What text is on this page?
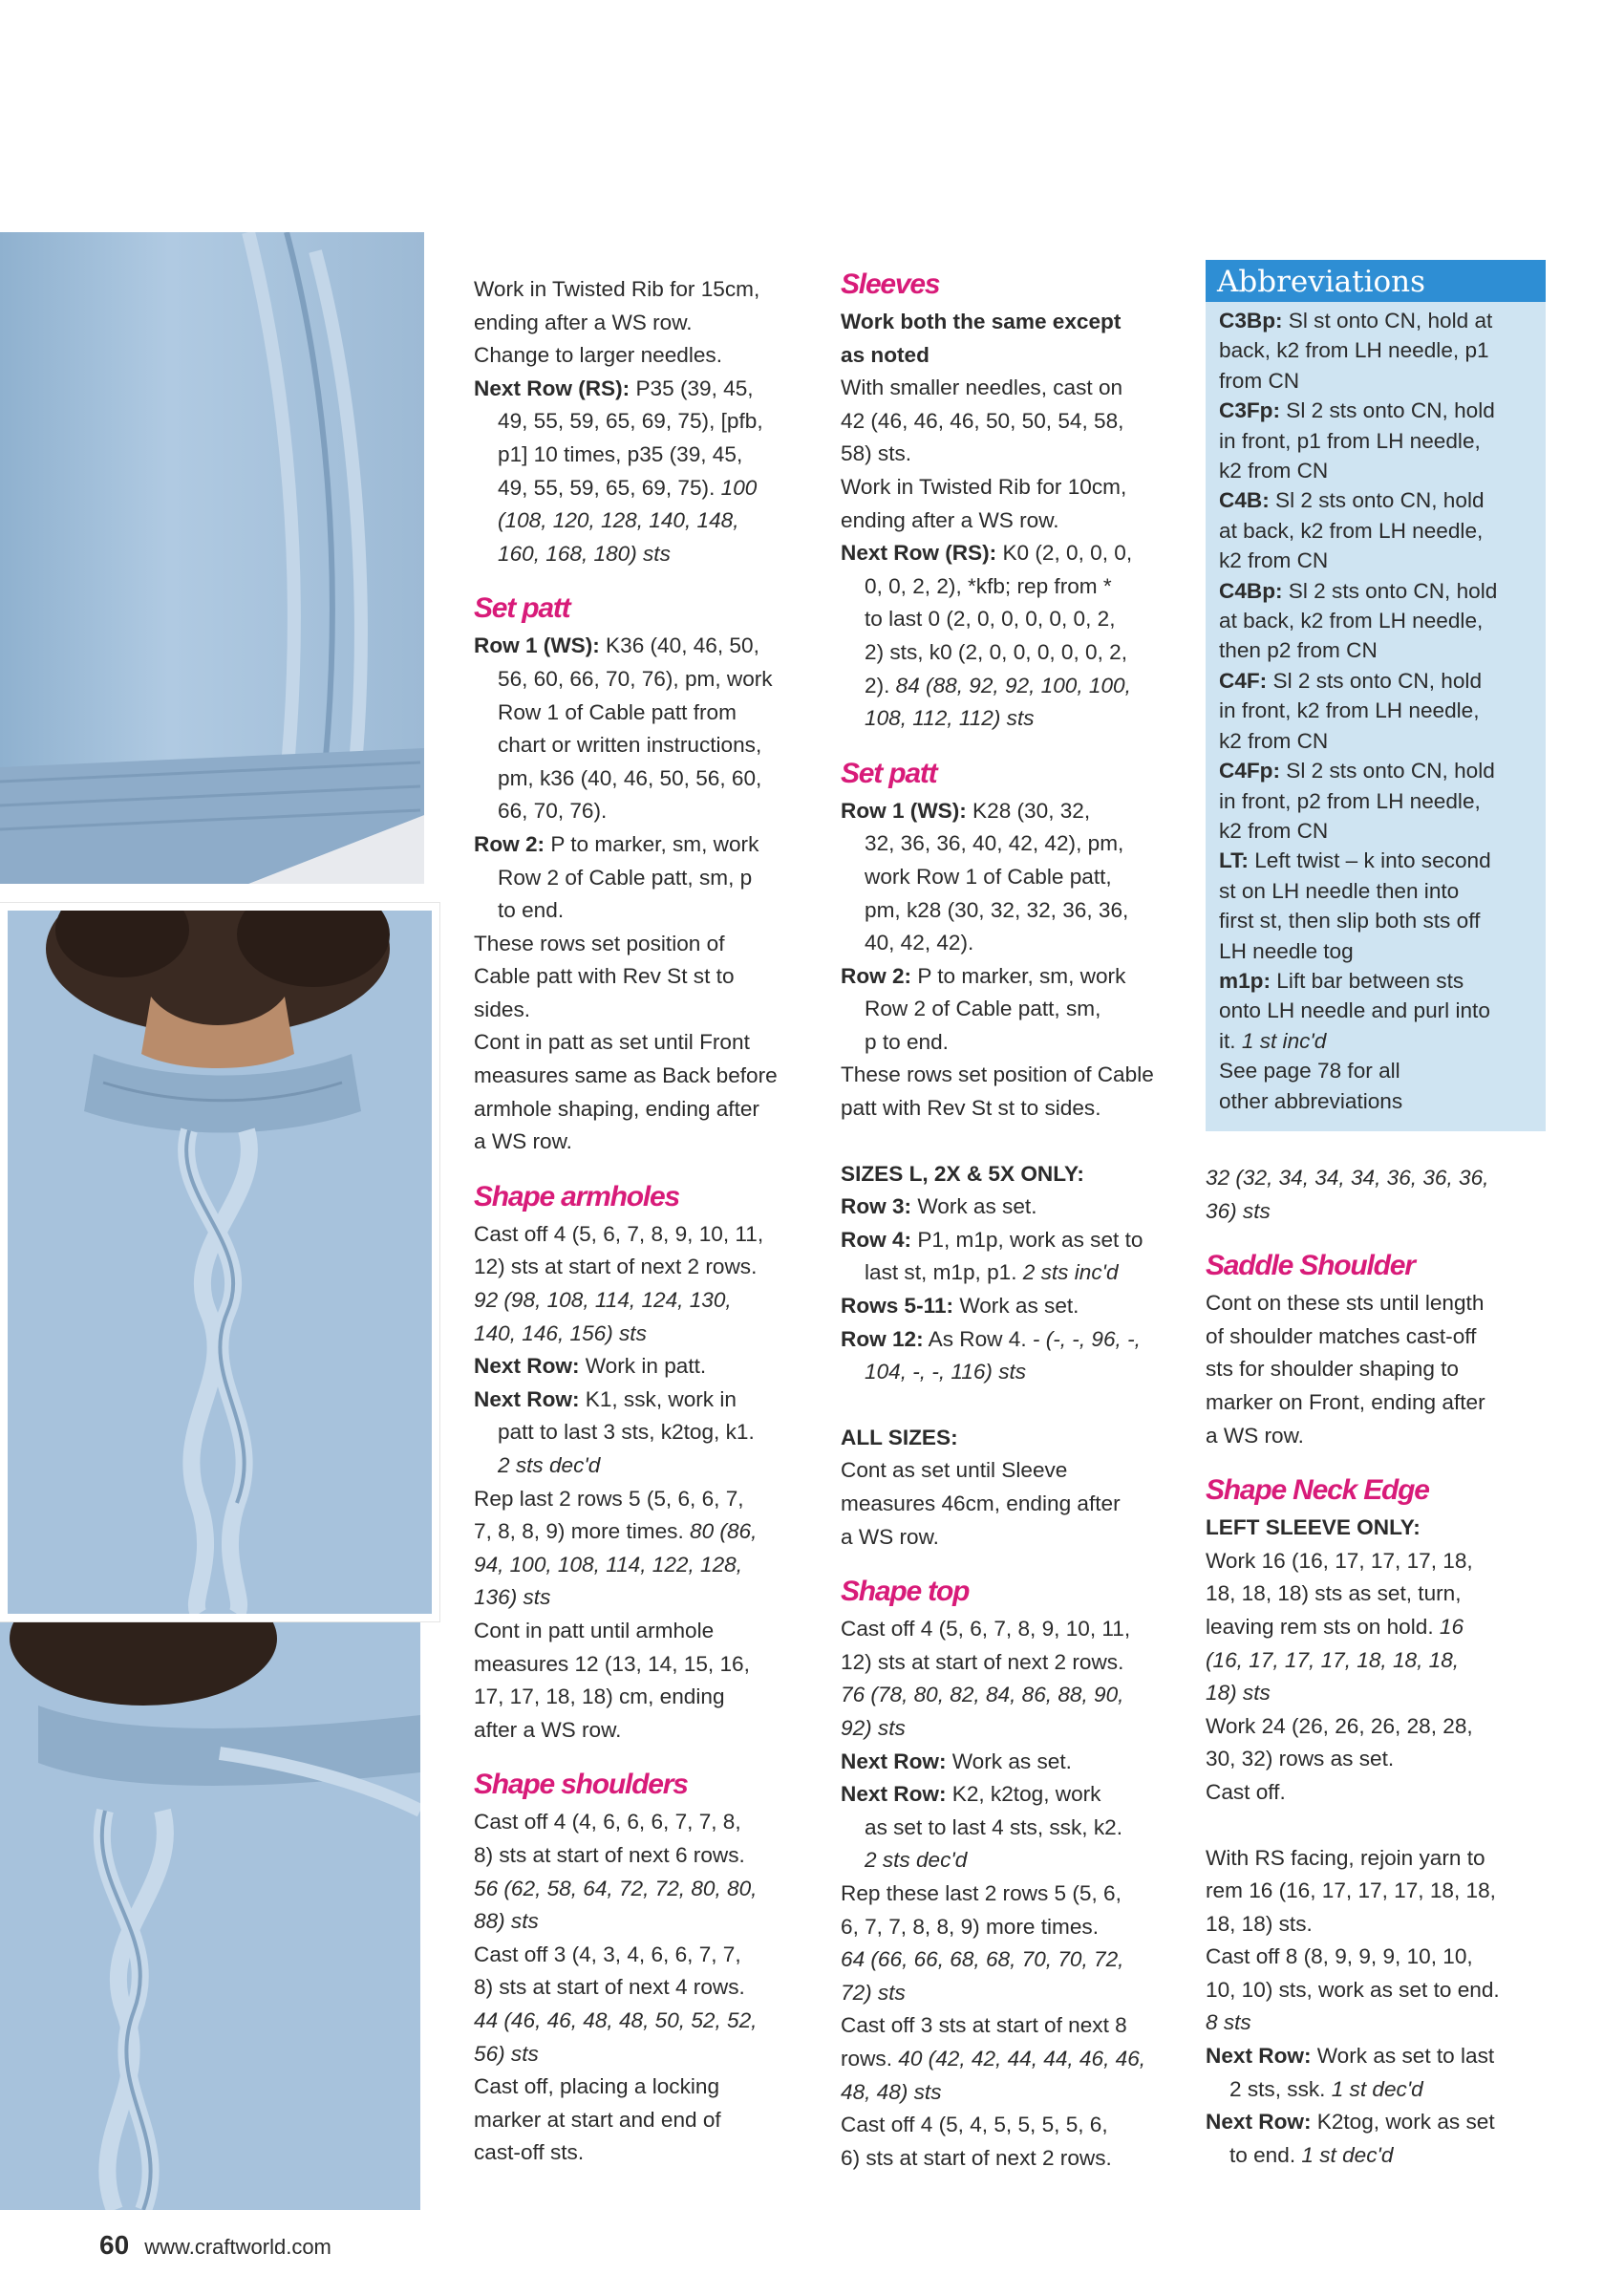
Work in Twisted Rib for 15cm,
ending after a WS row.
Change to larger needles.
Next Row (RS): P35 (39, 45,
49, 55, 59, 65, 69, 75), [pfb,
p1] 10 times, p35 (39, 45,
49, 55, 59, 65, 69, 75). 100
(108, 120, 128, 140, 148,
160, 168, 180) sts
Set patt
Row 1 (WS): K36 (40, 46, 50,
56, 60, 66, 70, 76), pm, work
Row 1 of Cable patt from
chart or written instructions,
pm, k36 (40, 46, 50, 56, 60,
66, 70, 76).
Row 2: P to marker, sm, work
Row 2 of Cable patt, sm, p
to end.
These rows set position of
Cable patt with Rev St st to
sides.
Cont in patt as set until Front
measures same as Back before
armhole shaping, ending after
a WS row.
Shape armholes
Cast off 4 (5, 6, 7, 8, 9, 10, 11,
12) sts at start of next 2 rows.
92 (98, 108, 114, 124, 130,
140, 146, 156) sts
Next Row: Work in patt.
Next Row: K1, ssk, work in
patt to last 3 sts, k2tog, k1.
2 sts dec'd
Rep last 2 rows 5 (5, 6, 6, 7,
7, 8, 8, 9) more times. 80 (86,
94, 100, 108, 114, 122, 128,
136) sts
Cont in patt until armhole
measures 12 (13, 14, 15, 16,
17, 17, 18, 18) cm, ending
after a WS row.
Shape shoulders
Cast off 4 (4, 6, 6, 6, 7, 7, 8,
8) sts at start of next 6 rows.
56 (62, 58, 64, 72, 72, 80, 80,
88) sts
Cast off 3 (4, 3, 4, 6, 6, 7, 7,
8) sts at start of next 4 rows.
44 (46, 46, 48, 48, 50, 52, 52,
56) sts
Cast off, placing a locking
marker at start and end of
cast-off sts.
Sleeves
Work both the same except
as noted
With smaller needles, cast on
42 (46, 46, 46, 50, 50, 54, 58,
58) sts.
Work in Twisted Rib for 10cm,
ending after a WS row.
Next Row (RS): K0 (2, 0, 0, 0,
0, 0, 2, 2), *kfb; rep from *
to last 0 (2, 0, 0, 0, 0, 0, 2,
2) sts, k0 (2, 0, 0, 0, 0, 0, 2,
2). 84 (88, 92, 92, 100, 100,
108, 112, 112) sts
Set patt
Row 1 (WS): K28 (30, 32,
32, 36, 36, 40, 42, 42), pm,
work Row 1 of Cable patt,
pm, k28 (30, 32, 32, 36, 36,
40, 42, 42).
Row 2: P to marker, sm, work
Row 2 of Cable patt, sm,
p to end.
These rows set position of Cable
patt with Rev St st to sides.
SIZES L, 2X & 5X ONLY:
Row 3: Work as set.
Row 4: P1, m1p, work as set to
last st, m1p, p1. 2 sts inc'd
Rows 5-11: Work as set.
Row 12: As Row 4. - (-, -, 96, -,
104, -, -, 116) sts
ALL SIZES:
Cont as set until Sleeve
measures 46cm, ending after
a WS row.
Shape top
Cast off 4 (5, 6, 7, 8, 9, 10, 11,
12) sts at start of next 2 rows.
76 (78, 80, 82, 84, 86, 88, 90,
92) sts
Next Row: Work as set.
Next Row: K2, k2tog, work
as set to last 4 sts, ssk, k2.
2 sts dec'd
Rep these last 2 rows 5 (5, 6,
6, 7, 7, 8, 8, 9) more times.
64 (66, 66, 68, 68, 70, 70, 72,
72) sts
Cast off 3 sts at start of next 8
rows. 40 (42, 42, 44, 44, 46, 46,
48, 48) sts
Cast off 4 (5, 4, 5, 5, 5, 5, 6,
6) sts at start of next 2 rows.
Abbreviations
C3Bp: Sl st onto CN, hold at
back, k2 from LH needle, p1
from CN
C3Fp: Sl 2 sts onto CN, hold
in front, p1 from LH needle,
k2 from CN
C4B: Sl 2 sts onto CN, hold
at back, k2 from LH needle,
k2 from CN
C4Bp: Sl 2 sts onto CN, hold
at back, k2 from LH needle,
then p2 from CN
C4F: Sl 2 sts onto CN, hold
in front, k2 from LH needle,
k2 from CN
C4Fp: Sl 2 sts onto CN, hold
in front, p2 from LH needle,
k2 from CN
LT: Left twist – k into second
st on LH needle then into
first st, then slip both sts off
LH needle tog
m1p: Lift bar between sts
onto LH needle and purl into
it. 1 st inc'd
See page 78 for all
other abbreviations
32 (32, 34, 34, 34, 36, 36, 36,
36) sts
Saddle Shoulder
Cont on these sts until length
of shoulder matches cast-off
sts for shoulder shaping to
marker on Front, ending after
a WS row.
Shape Neck Edge
LEFT SLEEVE ONLY:
Work 16 (16, 17, 17, 17, 18,
18, 18, 18) sts as set, turn,
leaving rem sts on hold. 16
(16, 17, 17, 17, 18, 18, 18,
18) sts
Work 24 (26, 26, 26, 28, 28,
30, 32) rows as set.
Cast off.
With RS facing, rejoin yarn to
rem 16 (16, 17, 17, 17, 18, 18,
18, 18) sts.
Cast off 8 (8, 9, 9, 9, 10, 10,
10, 10) sts, work as set to end.
8 sts
Next Row: Work as set to last
2 sts, ssk. 1 st dec'd
Next Row: K2tog, work as set
to end. 1 st dec'd
60 www.craftworld.com
